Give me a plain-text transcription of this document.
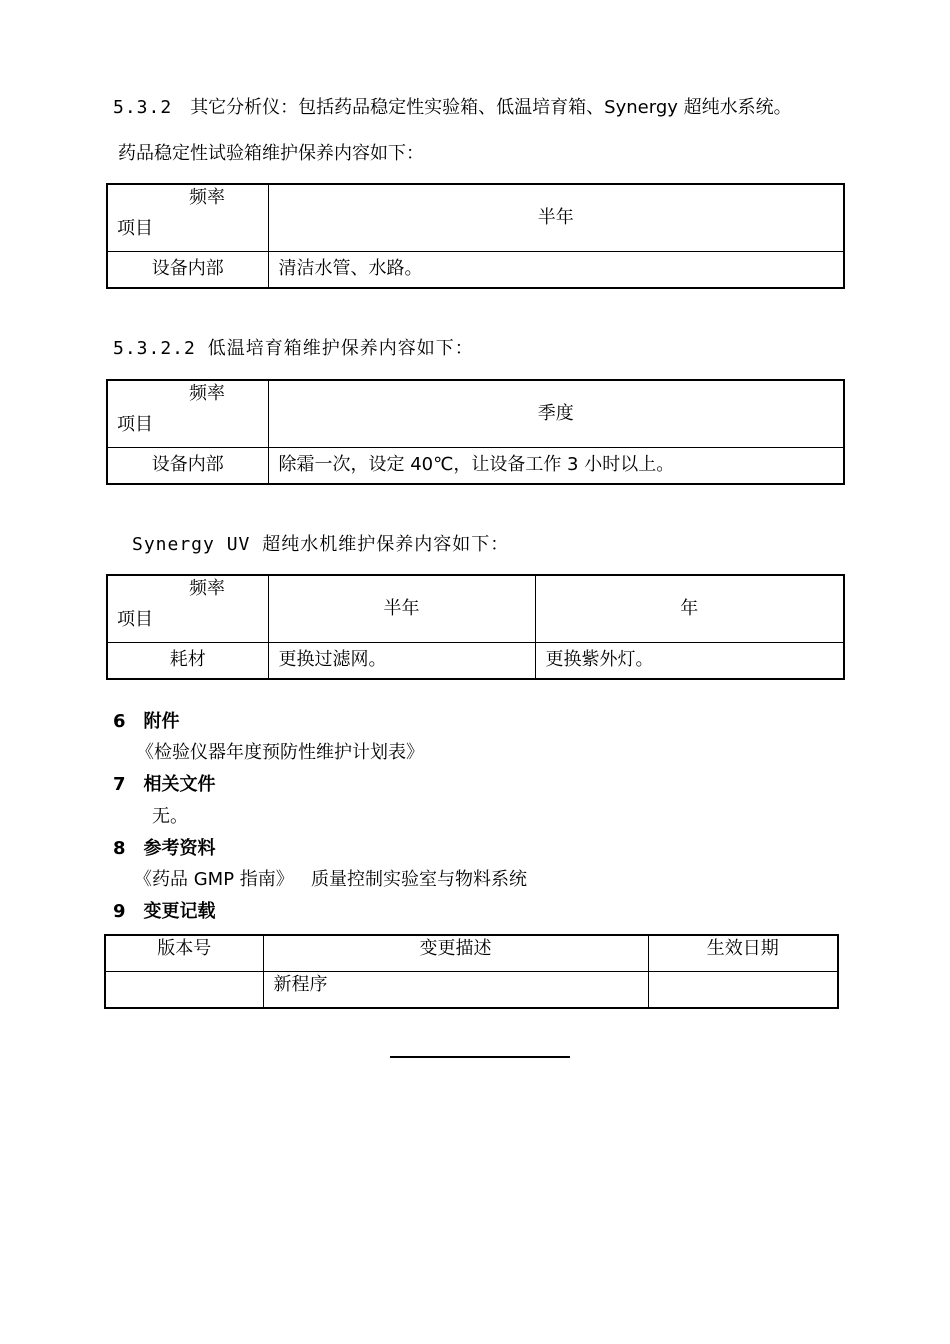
5.3.2 其它分析仪：包括药品稳定性实验箱、低温培育箱、Synergy 超纯水系统。
药品稳定性试验箱维护保养内容如下：
频率
项目	半年
设备内部	清洁水管、水路。
5.3.2.2 低温培育箱维护保养内容如下：
频率
项目	季度
设备内部	除霜一次，设定 40℃，让设备工作 3 小时以上。
Synergy UV 超纯水机维护保养内容如下：
频率
项目	半年	年
耗材	更换过滤网。	更换紫外灯。
6 附件
《检验仪器年度预防性维护计划表》
7 相关文件
无。
8 参考资料
《药品 GMP 指南》   质量控制实验室与物料系统
9 变更记载
版本号	变更描述	生效日期
	新程序	
